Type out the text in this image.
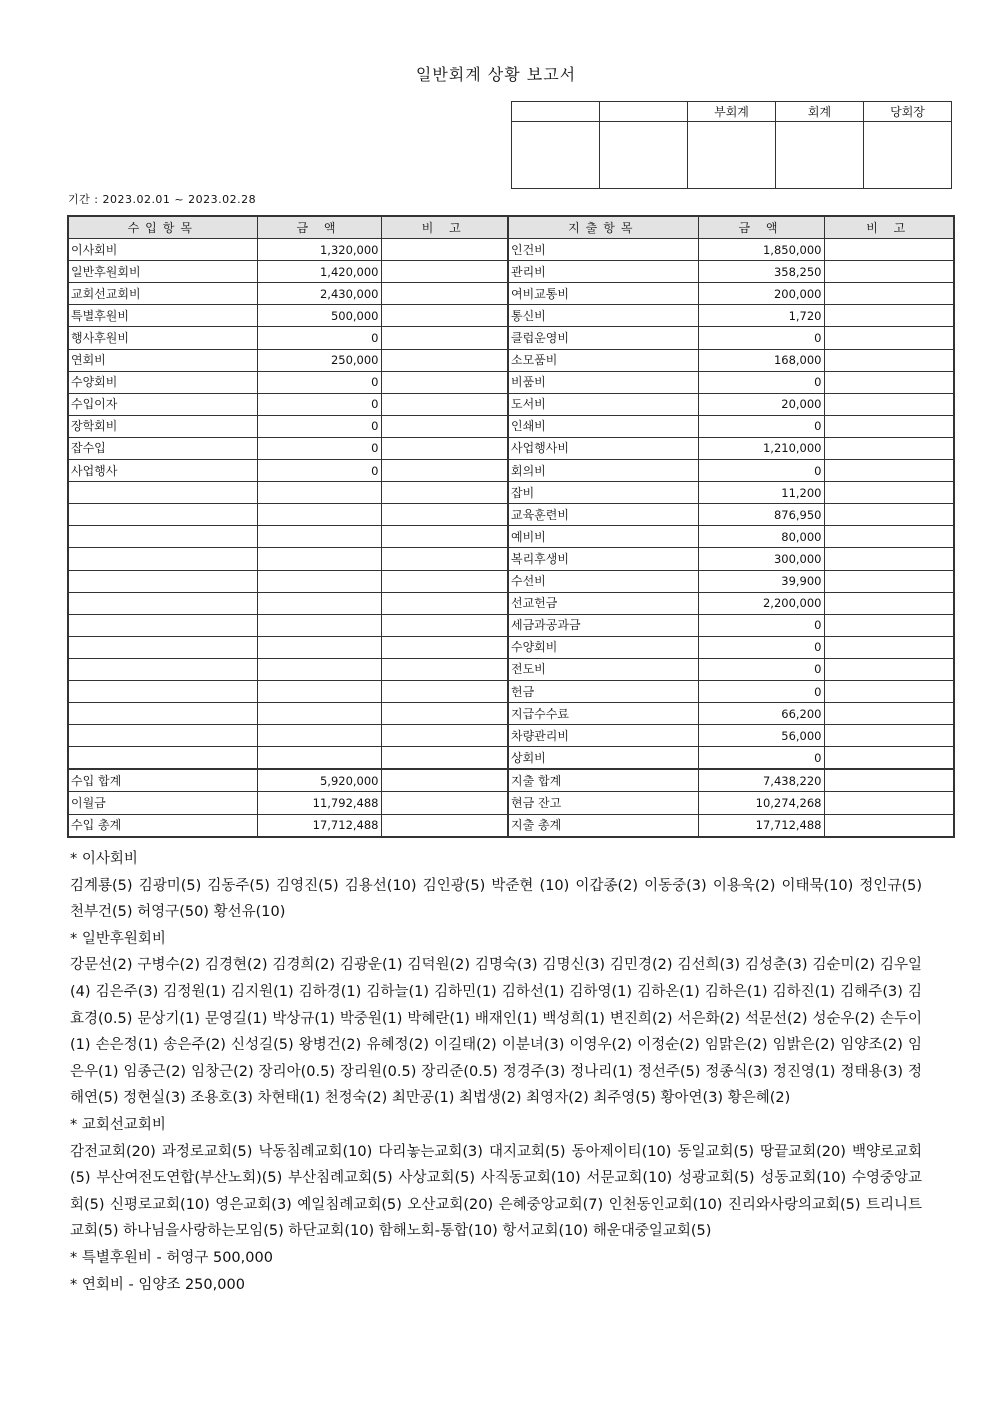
일반회계 상황 보고서
		부회계	회계	당회장

기간 : 2023.02.01 ~ 2023.02.28
수입항목	금 액	비 고	지출항목	금 액	비 고
이사회비	1,320,000		인건비	1,850,000	
일반후원회비	1,420,000		관리비	358,250	
교회선교회비	2,430,000		여비교통비	200,000	
특별후원비	500,000		통신비	1,720	
행사후원비	0		클럽운영비	0	
연회비	250,000		소모품비	168,000	
수양회비	0		비품비	0	
수입이자	0		도서비	20,000	
장학회비	0		인쇄비	0	
잡수입	0		사업행사비	1,210,000	
사업행사	0		회의비	0	
			잡비	11,200	
			교육훈련비	876,950	
			예비비	80,000	
			복리후생비	300,000	
			수선비	39,900	
			선교헌금	2,200,000	
			세금과공과금	0	
			수양회비	0	
			전도비	0	
			헌금	0	
			지급수수료	66,200	
			차량관리비	56,000	
			상회비	0	
수입 합계	5,920,000		지출 합계	7,438,220	
이월금	11,792,488		현금 잔고	10,274,268	
수입 총계	17,712,488		지출 총계	17,712,488	
* 이사회비
김계룡(5) 김광미(5) 김동주(5) 김영진(5) 김용선(10) 김인광(5) 박준현 (10) 이갑종(2) 이동중(3) 이용욱(2) 이태묵(10) 정인규(5) 천부건(5) 허영구(50) 황선유(10)
* 일반후원회비
강문선(2) 구병수(2) 김경현(2) 김경희(2) 김광운(1) 김덕원(2) 김명숙(3) 김명신(3) 김민경(2) 김선희(3) 김성춘(3) 김순미(2) 김우일(4) 김은주(3) 김정원(1) 김지원(1) 김하경(1) 김하늘(1) 김하민(1) 김하선(1) 김하영(1) 김하온(1) 김하은(1) 김하진(1) 김해주(3) 김효경(0.5) 문상기(1) 문영길(1) 박상규(1) 박중원(1) 박혜란(1) 배재인(1) 백성희(1) 변진희(2) 서은화(2) 석문선(2) 성순우(2) 손두이(1) 손은정(1) 송은주(2) 신성길(5) 왕병건(2) 유혜정(2) 이길태(2) 이분녀(3) 이영우(2) 이정순(2) 임맑은(2) 임밝은(2) 임양조(2) 임은우(1) 임종근(2) 임창근(2) 장리아(0.5) 장리원(0.5) 장리준(0.5) 정경주(3) 정나리(1) 정선주(5) 정종식(3) 정진영(1) 정태용(3) 정해연(5) 정현실(3) 조용호(3) 차현태(1) 천정숙(2) 최만공(1) 최법생(2) 최영자(2) 최주영(5) 황아연(3) 황은혜(2)
* 교회선교회비
감전교회(20) 과정로교회(5) 낙동침례교회(10) 다리놓는교회(3) 대지교회(5) 동아제이티(10) 동일교회(5) 땅끝교회(20) 백양로교회(5) 부산여전도연합(부산노회)(5) 부산침례교회(5) 사상교회(5) 사직동교회(10) 서문교회(10) 성광교회(5) 성동교회(10) 수영중앙교회(5) 신평로교회(10) 영은교회(3) 예일침례교회(5) 오산교회(20) 은혜중앙교회(7) 인천동인교회(10) 진리와사랑의교회(5) 트리니트교회(5) 하나님을사랑하는모임(5) 하단교회(10) 함해노회-통합(10) 항서교회(10) 해운대중일교회(5)
* 특별후원비 - 허영구 500,000
* 연회비 - 임양조 250,000
